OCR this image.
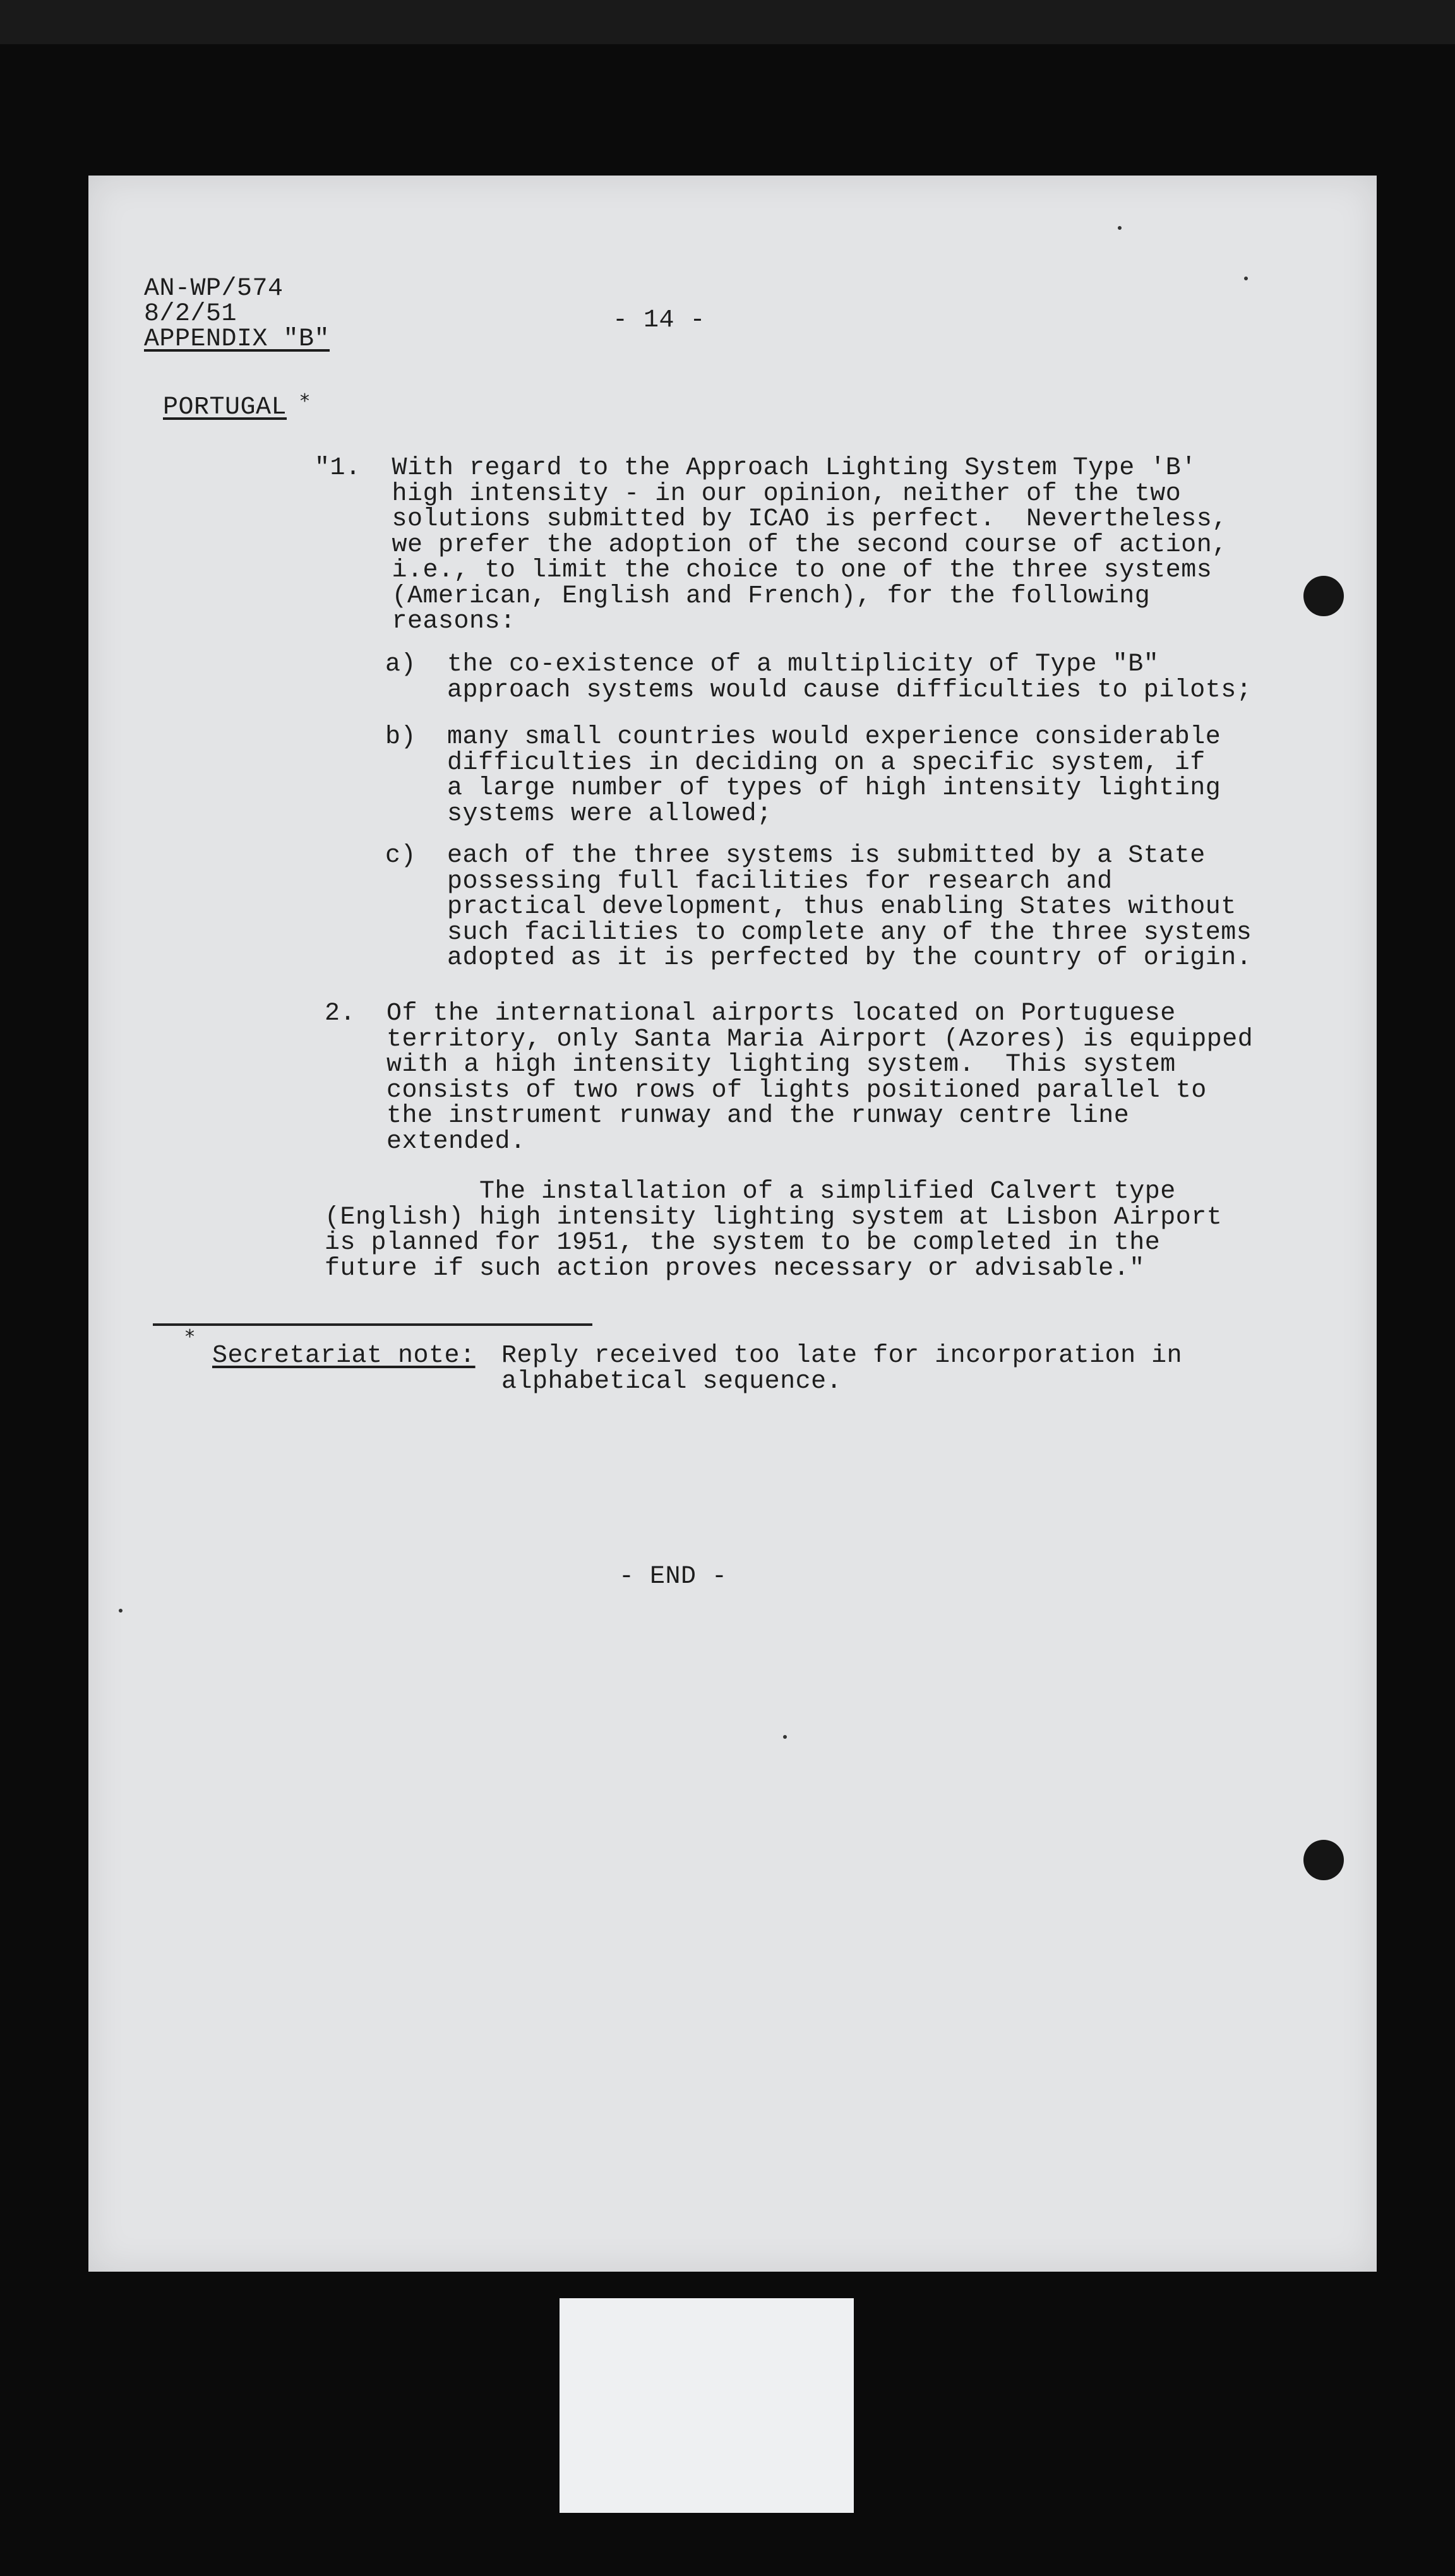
AN-WP/574
8/2/51
APPENDIX "B"
- 14 -
PORTUGAL *
"1.  With regard to the Approach Lighting System Type 'B'
high intensity - in our opinion, neither of the two
solutions submitted by ICAO is perfect.  Nevertheless,
we prefer the adoption of the second course of action,
i.e., to limit the choice to one of the three systems
(American, English and French), for the following
reasons:
a)  the co-existence of a multiplicity of Type "B"
approach systems would cause difficulties to pilots;
b)  many small countries would experience considerable
difficulties in deciding on a specific system, if
a large number of types of high intensity lighting
systems were allowed;
c)  each of the three systems is submitted by a State
possessing full facilities for research and
practical development, thus enabling States without
such facilities to complete any of the three systems
adopted as it is perfected by the country of origin.
2.  Of the international airports located on Portuguese
territory, only Santa Maria Airport (Azores) is equipped
with a high intensity lighting system.  This system
consists of two rows of lights positioned parallel to
the instrument runway and the runway centre line
extended.
The installation of a simplified Calvert type
(English) high intensity lighting system at Lisbon Airport
is planned for 1951, the system to be completed in the
future if such action proves necessary or advisable."
*
Secretariat note: Reply received too late for incorporation in
alphabetical sequence.
- END -
